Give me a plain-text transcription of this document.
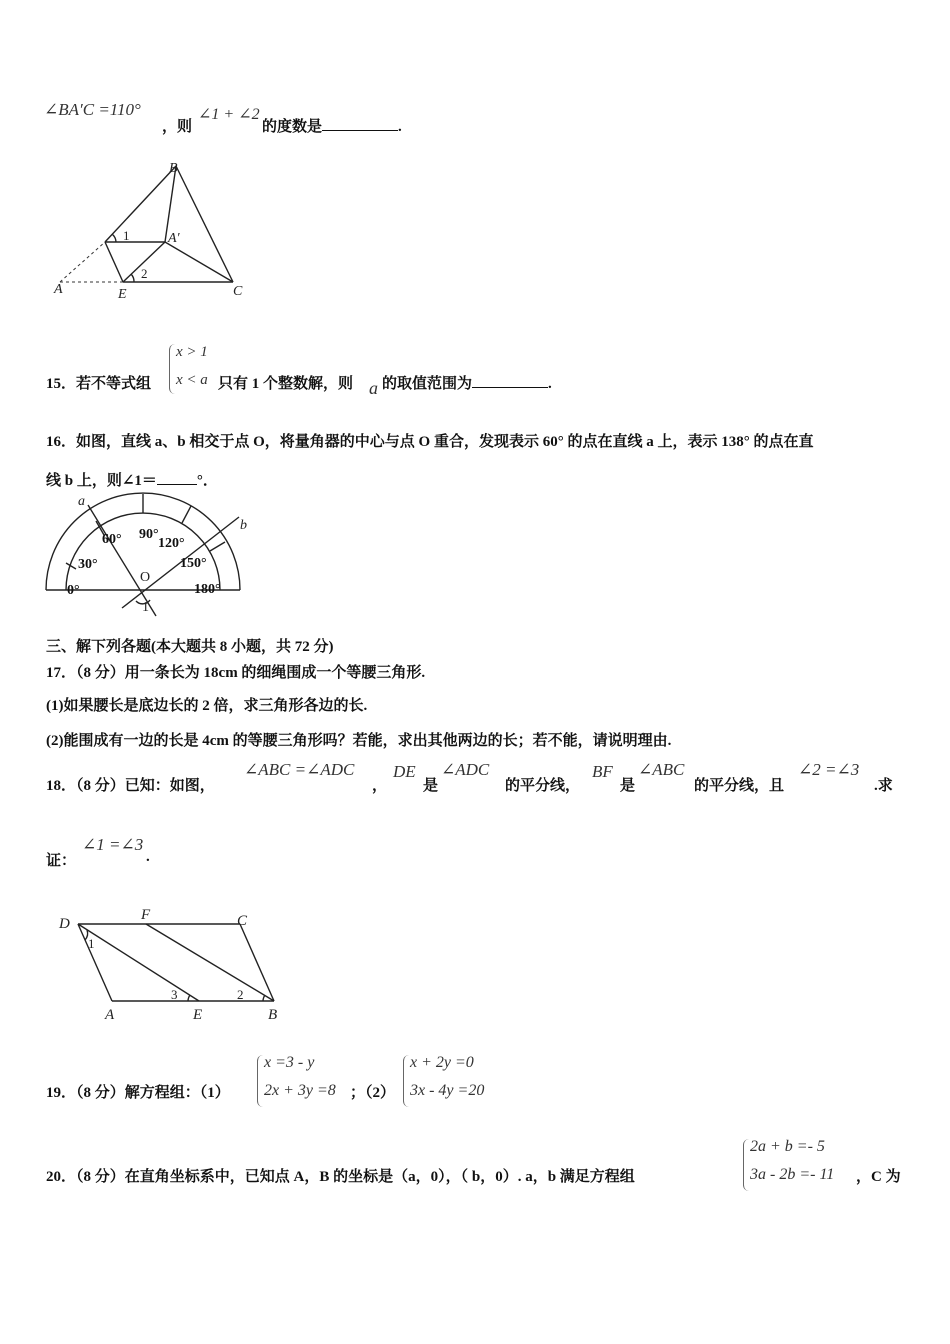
∠BA′C =110°
，则
∠1 + ∠2
的度数是	.
B
A′
A	E	C
1
2
15．若不等式组
x > 1
x < a 只有 1 个整数解，则 a 的取值范围为	.
16．如图，直线 a、b 相交于点 O，将量角器的中心与点 O 重合，发现表示 60° 的点在直线 a 上，表示 138° 的点在直
线 b 上，则∠1＝	°．
0°
30°
60° 90°
120°
150°
180°
a
b
O
1
三、解下列各题(本大题共 8 小题，共 72 分)
17．（8 分）用一条长为 18cm 的细绳围成一个等腰三角形.
(1)如果腰长是底边长的 2 倍，求三角形各边的长.
(2)能围成有一边的长是 4cm 的等腰三角形吗？若能，求出其他两边的长；若不能，请说明理由.
18．（8 分）已知：如图，
∠ABC =∠ADC
，
DE
是
∠ADC
的平分线，
BF
是
∠ABC
的平分线，且
∠2 =∠3
.求
证：
∠1 =∠3
.
D
F	C
A	E	B
1
3	2
19．（8 分）解方程组：（1）
x =3 - y
2x + 3y =8 ；（2）
x + 2y =0
3x - 4y =20
20．（8 分）在直角坐标系中，已知点 A，B 的坐标是（a，0），（ b，0）. a，b 满足方程组
2a + b =- 5
3a - 2b =- 11 ，C 为
